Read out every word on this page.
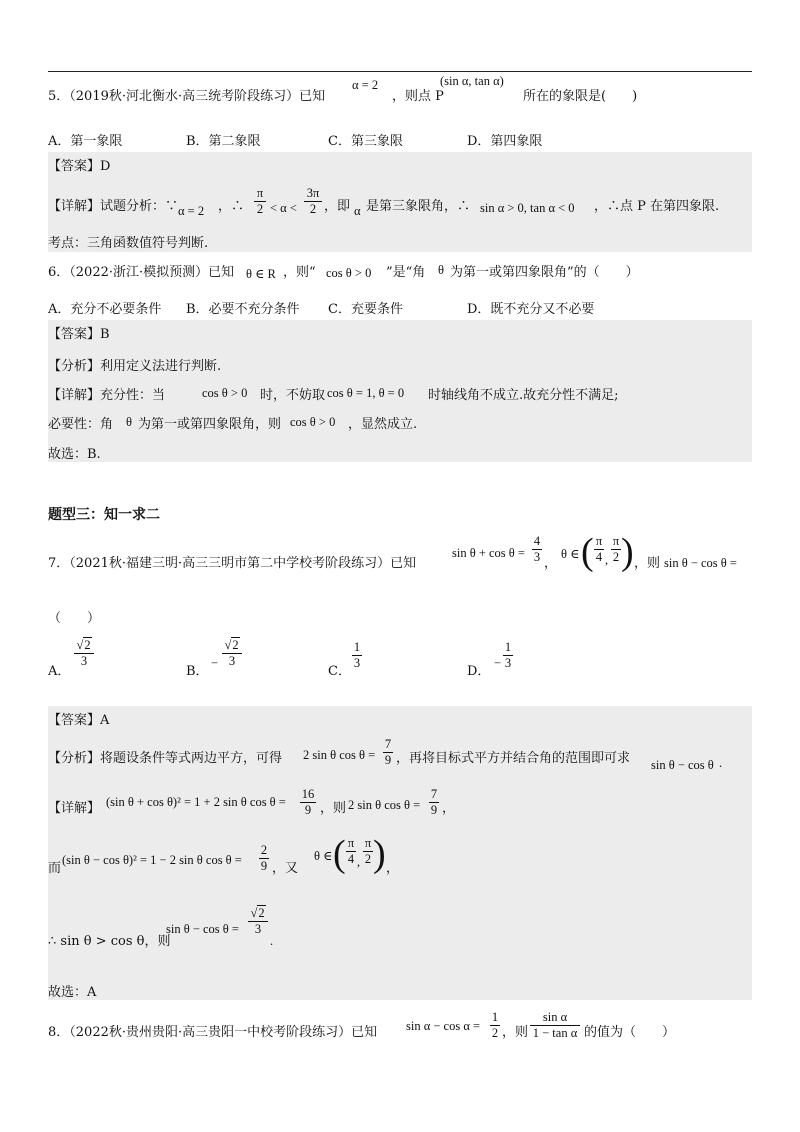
5．（2019秋·河北衡水·高三统考阶段练习）已知
α = 2
，则点 P
(sin α, tan α)
所在的象限是(　　)
A．第一象限	B．第二象限	C．第三象限	D．第四象限
【答案】D
【详解】试题分析：∵ α = 2 ，∴
π
2 < α <
3π
2 ，即 α 是第三象限角，∴ sin α > 0, tan α < 0 ，∴点 P 在第四象限.
考点：三角函数值符号判断.
6．（2022·浙江·模拟预测）已知 θ ∈ R ，则“ cos θ > 0 ”是“角 θ 为第一或第四象限角”的（　　）
A．充分不必要条件 B．必要不充分条件 C．充要条件	D．既不充分又不必要
【答案】B
【分析】利用定义法进行判断.
【详解】充分性：当	cos θ > 0 时，不妨取 cos θ = 1, θ = 0 时轴线角不成立.故充分性不满足;
必要性：角 θ 为第一或第四象限角，则 cos θ > 0 ，显然成立.
故选：B.
题型三：知一求二
7．（2021秋·福建三明·高三三明市第二中学校考阶段练习）已知
sin θ + cos θ =
4
3 ，
θ ∈ ( π
4 ,
π
2 ) ，则 sin θ − cos θ =
（　　）
A．
√2
3
B．
−
√2
3
C．
1
3
D．
−
1
3
【答案】A
【分析】将题设条件等式两边平方，可得 2 sin θ cos θ =
7
9 ，再将目标式平方并结合角的范围即可求 sin θ − cos θ .
【详解】 (sin θ + cos θ)² = 1 + 2 sin θ cos θ =
16
9 ，则 2 sin θ cos θ =
7
9 ，
而
(sin θ − cos θ)² = 1 − 2 sin θ cos θ =
2
9 ，又
θ ∈ ( π
4 ,
π
2 ) ，
∴ sin θ > cos θ，则
sin θ − cos θ =
√2
3
.
故选：A
8．（2022秋·贵州贵阳·高三贵阳一中校考阶段练习）已知 sin α − cos α =
1
2 ，则
sin α
1 − tan α 的值为（　　）
